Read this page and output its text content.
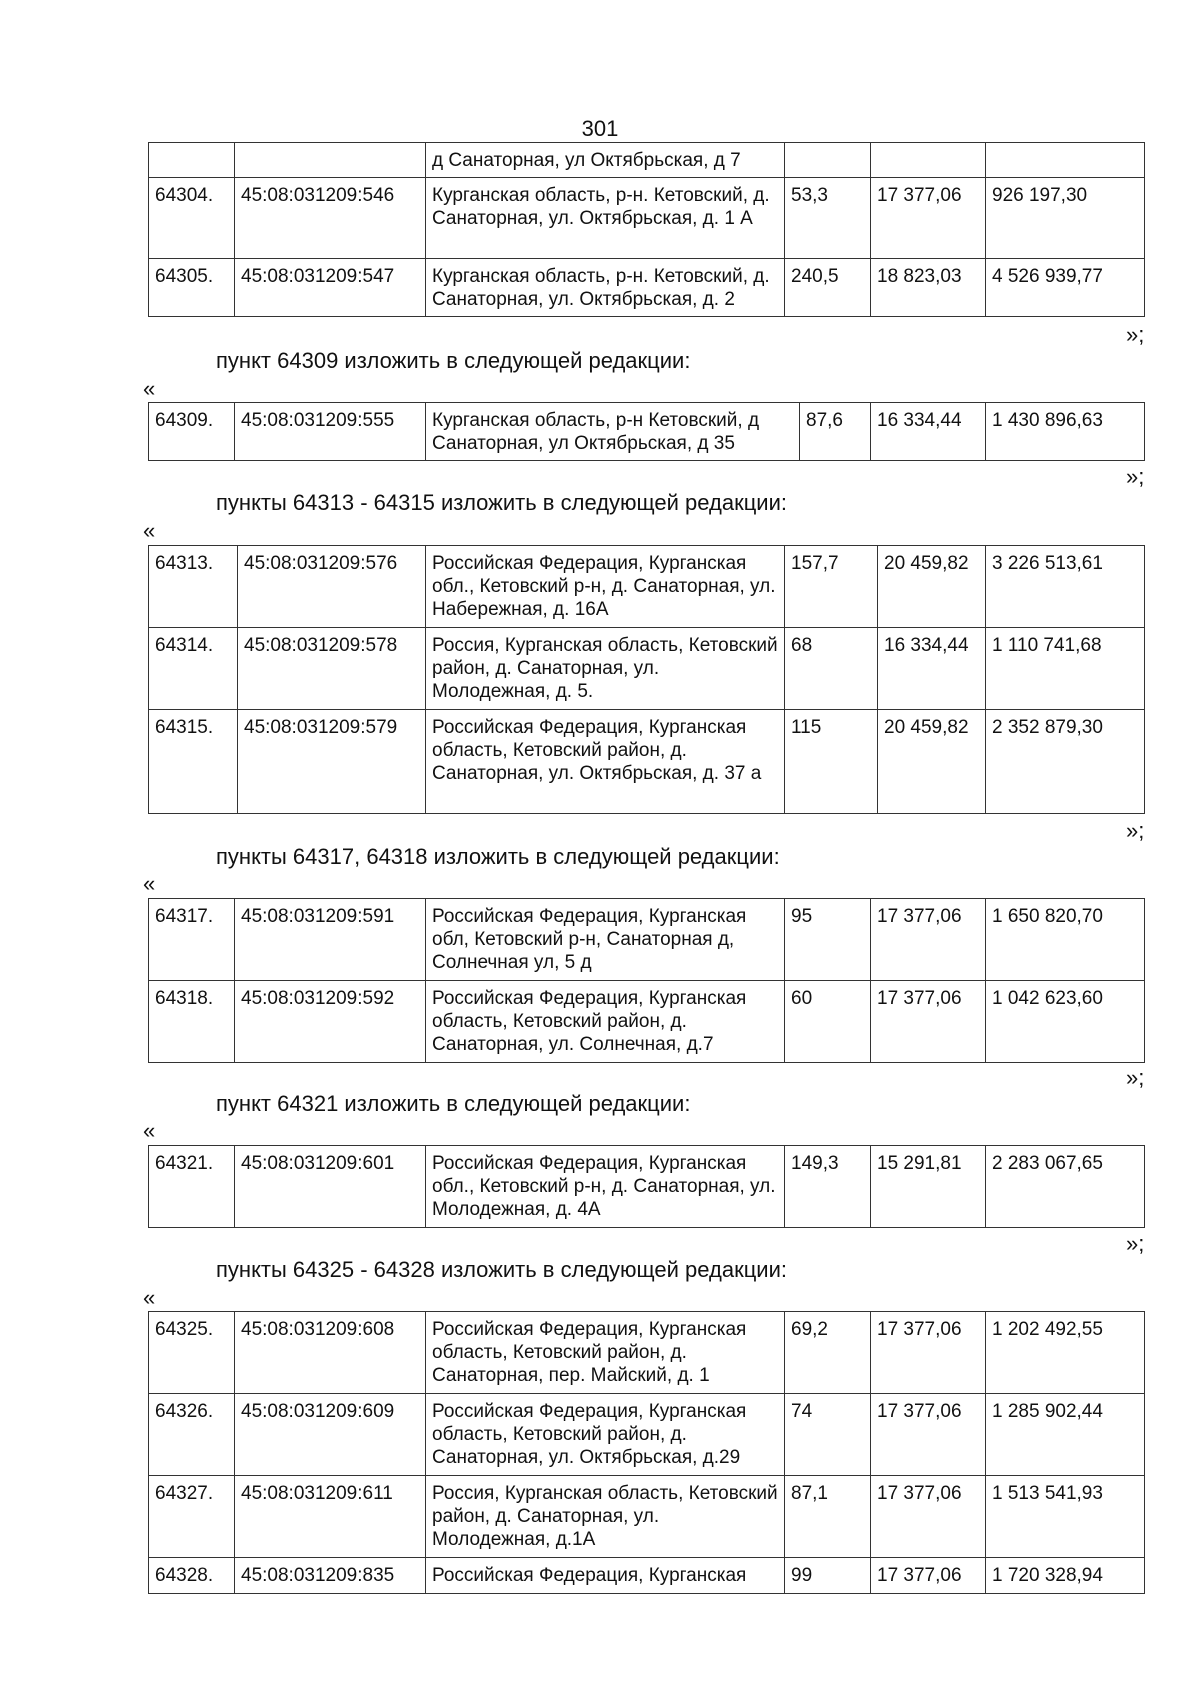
301
		д Санаторная, ул Октябрьская, д 7			
64304.	45:08:031209:546	Курганская область, р-н. Кетовский, д. Санаторная, ул. Октябрьская, д. 1 А	53,3	17 377,06	926 197,30
64305.	45:08:031209:547	Курганская область, р-н. Кетовский, д. Санаторная, ул. Октябрьская, д. 2	240,5	18 823,03	4 526 939,77
»;
пункт 64309 изложить в следующей редакции:
«
64309.	45:08:031209:555	Курганская область, р-н Кетовский, д Санаторная, ул Октябрьская, д 35	87,6	16 334,44	1 430 896,63
»;
пункты 64313 - 64315 изложить в следующей редакции:
«
64313.	45:08:031209:576	Российская Федерация, Курганская обл., Кетовский р-н, д. Санаторная, ул. Набережная, д. 16А	157,7	20 459,82	3 226 513,61
64314.	45:08:031209:578	Россия, Курганская область, Кетовский район, д. Санаторная, ул. Молодежная, д. 5.	68	16 334,44	1 110 741,68
64315.	45:08:031209:579	Российская Федерация, Курганская область, Кетовский район, д. Санаторная, ул. Октябрьская, д. 37 а	115	20 459,82	2 352 879,30
»;
пункты 64317, 64318 изложить в следующей редакции:
«
64317.	45:08:031209:591	Российская Федерация, Курганская обл, Кетовский р-н, Санаторная д, Солнечная ул, 5 д	95	17 377,06	1 650 820,70
64318.	45:08:031209:592	Российская Федерация, Курганская область, Кетовский район, д. Санаторная, ул. Солнечная, д.7	60	17 377,06	1 042 623,60
»;
пункт 64321 изложить в следующей редакции:
«
64321.	45:08:031209:601	Российская Федерация, Курганская обл., Кетовский р-н, д. Санаторная, ул. Молодежная, д. 4А	149,3	15 291,81	2 283 067,65
»;
пункты 64325 - 64328 изложить в следующей редакции:
«
64325.	45:08:031209:608	Российская Федерация, Курганская область, Кетовский район, д. Санаторная, пер. Майский, д. 1	69,2	17 377,06	1 202 492,55
64326.	45:08:031209:609	Российская Федерация, Курганская область, Кетовский район, д. Санаторная, ул. Октябрьская, д.29	74	17 377,06	1 285 902,44
64327.	45:08:031209:611	Россия, Курганская область, Кетовский район, д. Санаторная, ул. Молодежная, д.1А	87,1	17 377,06	1 513 541,93
64328.	45:08:031209:835	Российская Федерация, Курганская	99	17 377,06	1 720 328,94
